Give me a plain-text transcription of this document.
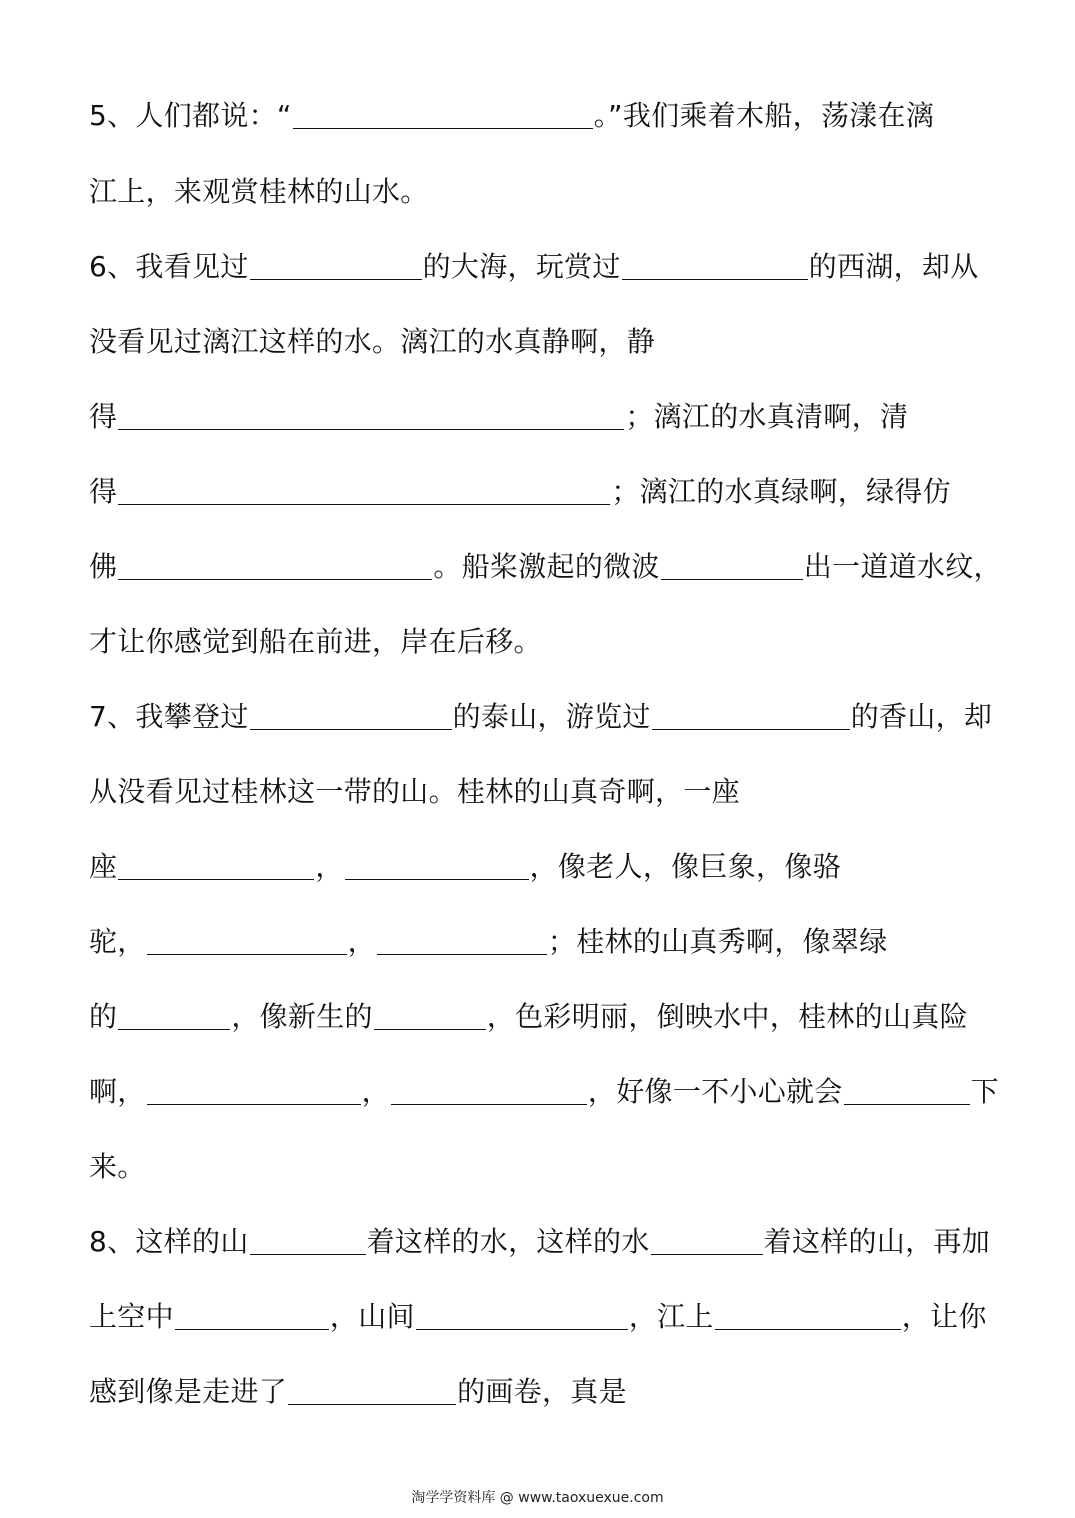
5、人们都说：“	。”我们乘着木船，荡漾在漓
江上，来观赏桂林的山水。
6、我看见过	的大海，玩赏过	的西湖，却从
没看见过漓江这样的水。漓江的水真静啊，静
得	；漓江的水真清啊，清
得	；漓江的水真绿啊，绿得仿
佛	。船桨激起的微波	出一道道水纹，
才让你感觉到船在前进，岸在后移。
7、我攀登过	的泰山，游览过	的香山，却
从没看见过桂林这一带的山。桂林的山真奇啊，一座
座	，	，像老人，像巨象，像骆
驼，	，	；桂林的山真秀啊，像翠绿
的	，像新生的	，色彩明丽，倒映水中，桂林的山真险
啊，	，	，好像一不小心就会	下
来。
8、这样的山	着这样的水，这样的水	着这样的山，再加
上空中	，山间	，江上	，让你
感到像是走进了	的画卷，真是
淘学学资料库 @ www.taoxuexue.com
